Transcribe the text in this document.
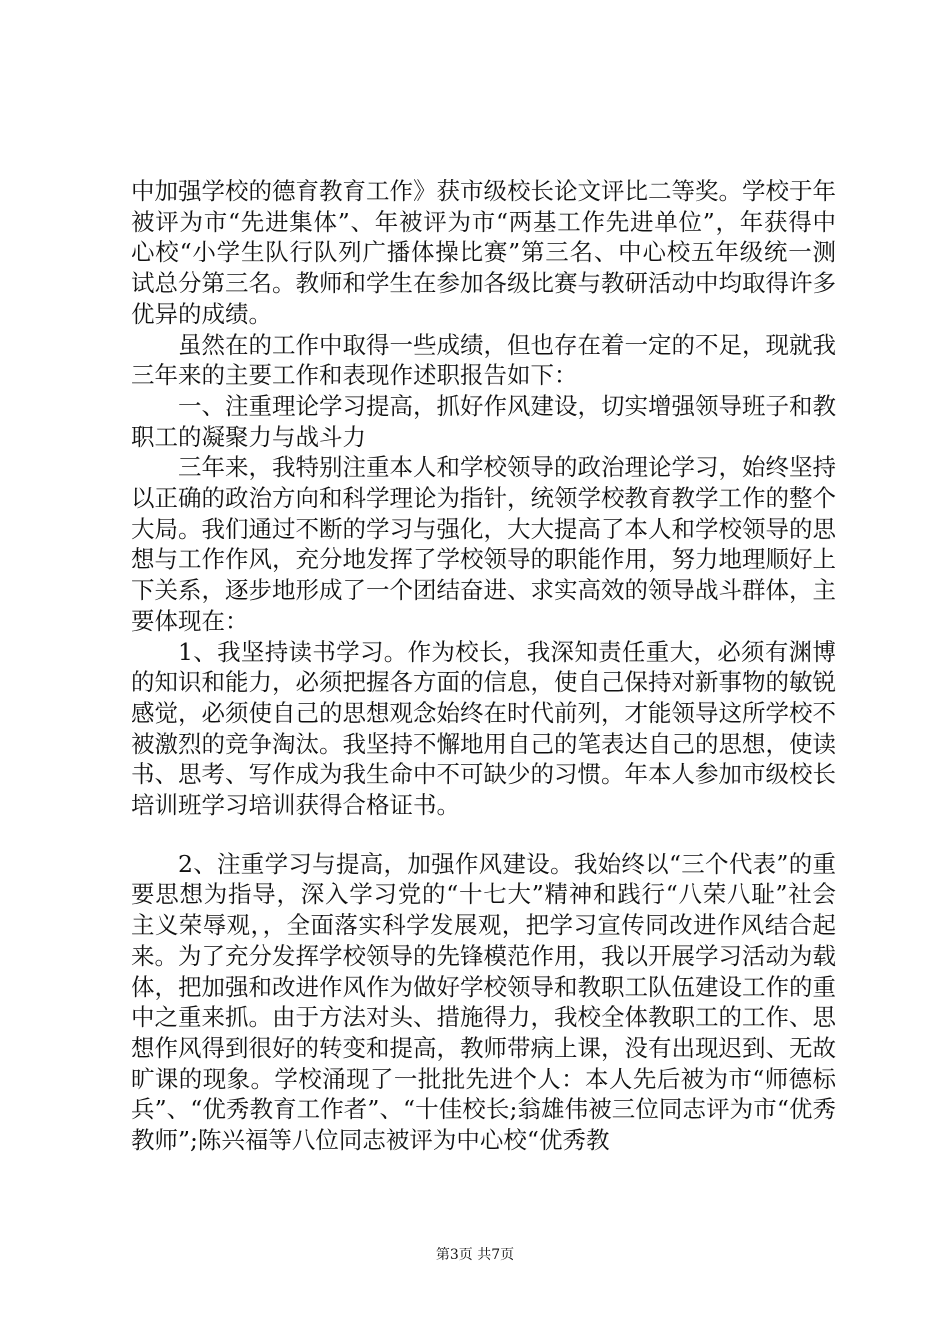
中加强学校的德育教育工作》获市级校长论文评比二等奖。学校于年被评为市“先进集体”、年被评为市“两基工作先进单位”，年获得中心校“小学生队行队列广播体操比赛”第三名、中心校五年级统一测试总分第三名。教师和学生在参加各级比赛与教研活动中均取得许多优异的成绩。

虽然在的工作中取得一些成绩，但也存在着一定的不足，现就我三年来的主要工作和表现作述职报告如下：

一、注重理论学习提高，抓好作风建设，切实增强领导班子和教职工的凝聚力与战斗力

三年来，我特别注重本人和学校领导的政治理论学习，始终坚持以正确的政治方向和科学理论为指针，统领学校教育教学工作的整个大局。我们通过不断的学习与强化，大大提高了本人和学校领导的思想与工作作风，充分地发挥了学校领导的职能作用，努力地理顺好上下关系，逐步地形成了一个团结奋进、求实高效的领导战斗群体，主要体现在：

1、我坚持读书学习。作为校长，我深知责任重大，必须有渊博的知识和能力，必须把握各方面的信息，使自己保持对新事物的敏锐感觉，必须使自己的思想观念始终在时代前列，才能领导这所学校不被激烈的竞争淘汰。我坚持不懈地用自己的笔表达自己的思想，使读书、思考、写作成为我生命中不可缺少的习惯。年本人参加市级校长培训班学习培训获得合格证书。

2、注重学习与提高，加强作风建设。我始终以“三个代表”的重要思想为指导，深入学习党的“十七大”精神和践行“八荣八耻”社会主义荣辱观，，全面落实科学发展观，把学习宣传同改进作风结合起来。为了充分发挥学校领导的先锋模范作用，我以开展学习活动为载体，把加强和改进作风作为做好学校领导和教职工队伍建设工作的重中之重来抓。由于方法对头、措施得力，我校全体教职工的工作、思想作风得到很好的转变和提高，教师带病上课，没有出现迟到、无故旷课的现象。学校涌现了一批批先进个人：本人先后被为市“师德标兵”、“优秀教育工作者”、“十佳校长;翁雄伟被三位同志评为市“优秀教师”;陈兴福等八位同志被评为中心校“优秀教

第3页 共7页
